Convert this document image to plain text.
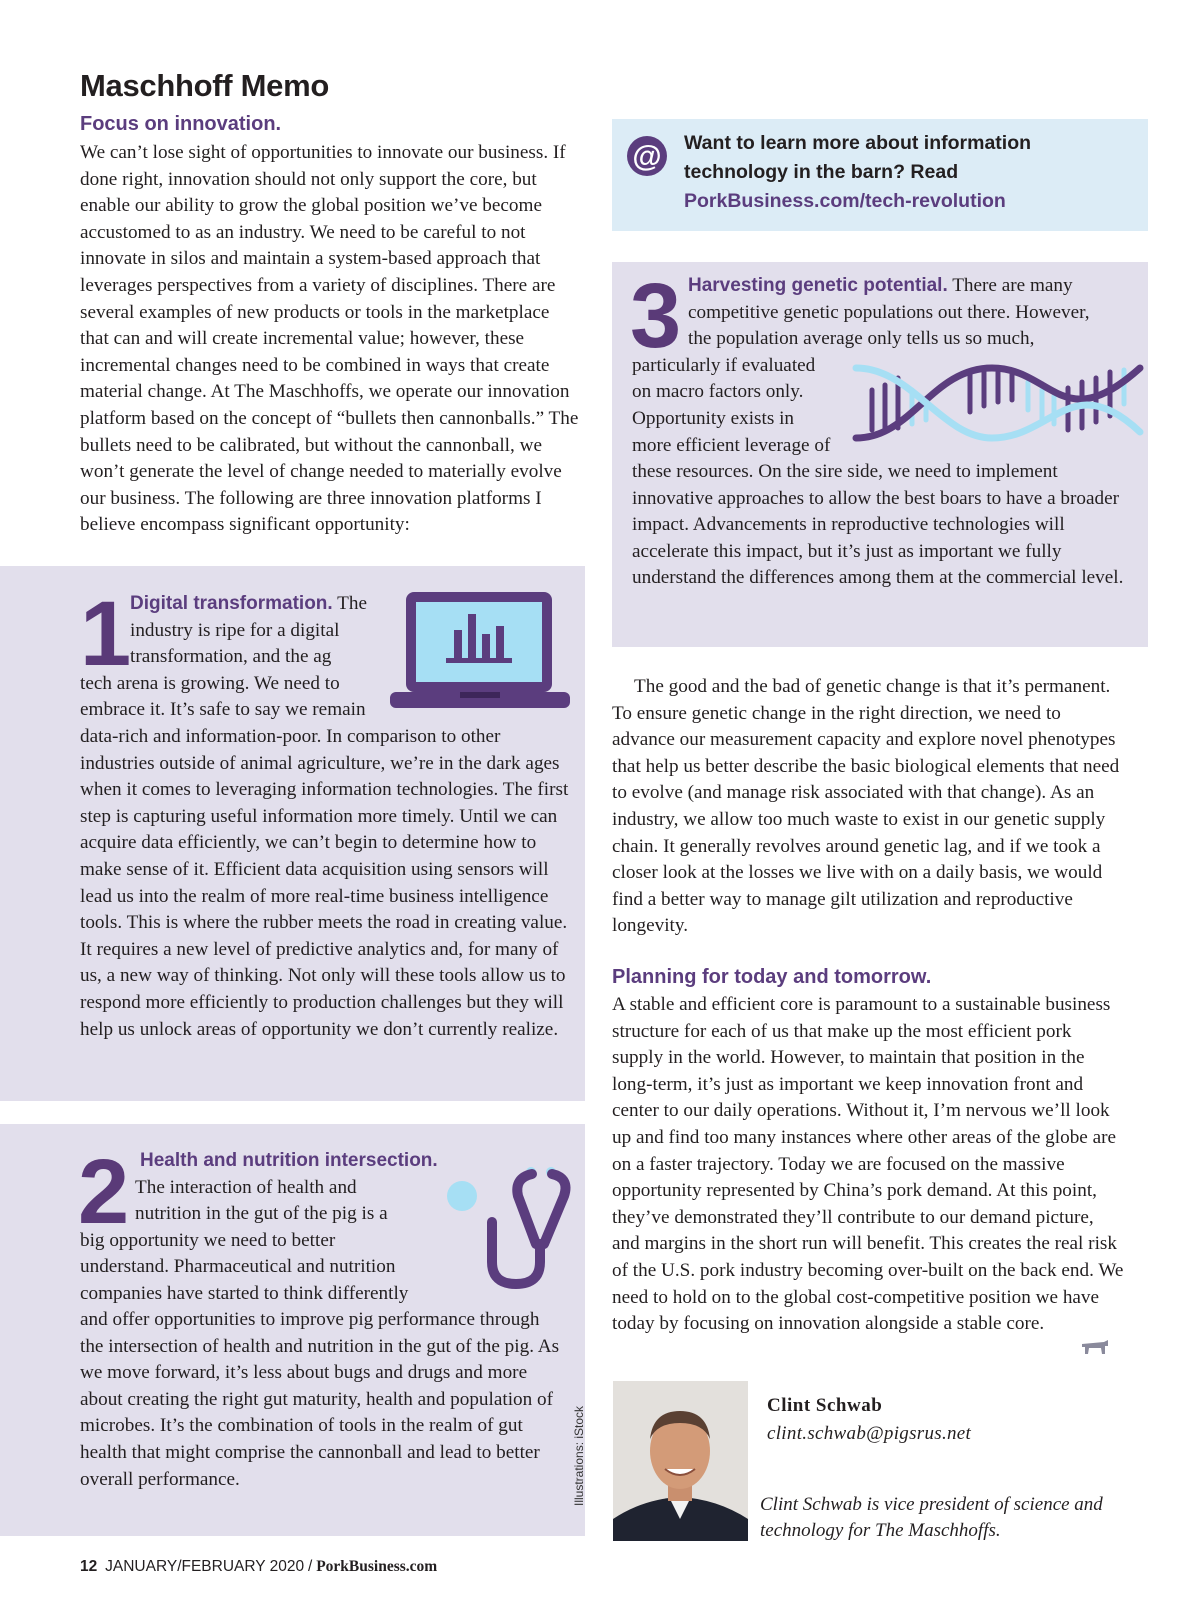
Maschhoff Memo
Focus on innovation.
We can’t lose sight of opportunities to innovate our business. If done right, innovation should not only support the core, but enable our ability to grow the global position we’ve become accustomed to as an industry. We need to be careful to not innovate in silos and maintain a system-based approach that leverages perspectives from a variety of disciplines. There are several examples of new products or tools in the marketplace that can and will create incremental value; however, these incremental changes need to be combined in ways that create material change. At The Maschhoffs, we operate our innovation platform based on the concept of “bullets then cannonballs.” The bullets need to be calibrated, but without the cannonball, we won’t generate the level of change needed to materially evolve our business. The following are three innovation platforms I believe encompass significant opportunity:
@ Want to learn more about information
technology in the barn? Read
PorkBusiness.com/tech-revolution
3 Harvesting genetic potential. There are many
competitive genetic populations out there. However,
the population average only tells us so much,
particularly if evaluated
on macro factors only.
Opportunity exists in
more efficient leverage of
these resources. On the sire side, we need to implement innovative approaches to allow the best boars to have a broader impact. Advancements in reproductive technologies will accelerate this impact, but it’s just as important we fully understand the differences among them at the commercial level.
The good and the bad of genetic change is that it’s permanent. To ensure genetic change in the right direction, we need to advance our measurement capacity and explore novel phenotypes that help us better describe the basic biological elements that need to evolve (and manage risk associated with that change). As an industry, we allow too much waste to exist in our genetic supply chain. It generally revolves around genetic lag, and if we took a closer look at the losses we live with on a daily basis, we would find a better way to manage gilt utilization and reproductive longevity.
Planning for today and tomorrow.
A stable and efficient core is paramount to a sustainable business structure for each of us that make up the most efficient pork supply in the world. However, to maintain that position in the long-term, it’s just as important we keep innovation front and center to our daily operations. Without it, I’m nervous we’ll look up and find too many instances where other areas of the globe are on a faster trajectory. Today we are focused on the massive opportunity represented by China’s pork demand. At this point, they’ve demonstrated they’ll contribute to our demand picture, and margins in the short run will benefit. This creates the real risk of the U.S. pork industry becoming over-built on the back end. We need to hold on to the global cost-competitive position we have today by focusing on innovation alongside a stable core.
1
Digital transformation. The
industry is ripe for a digital
transformation, and the ag
tech arena is growing. We need to
embrace it. It’s safe to say we remain
data-rich and information-poor. In comparison to other industries outside of animal agriculture, we’re in the dark ages when it comes to leveraging information technologies. The first step is capturing useful information more timely. Until we can acquire data efficiently, we can’t begin to determine how to make sense of it. Efficient data acquisition using sensors will lead us into the realm of more real-time business intelligence tools. This is where the rubber meets the road in creating value. It requires a new level of predictive analytics and, for many of us, a new way of thinking. Not only will these tools allow us to respond more efficiently to production challenges but they will help us unlock areas of opportunity we don’t currently realize.
2 Health and nutrition intersection.
The interaction of health and
nutrition in the gut of the pig is a
big opportunity we need to better
understand. Pharmaceutical and nutrition
companies have started to think differently
and offer opportunities to improve pig performance through the intersection of health and nutrition in the gut of the pig. As we move forward, it’s less about bugs and drugs and more about creating the right gut maturity, health and population of microbes. It’s the combination of tools in the realm of gut health that might comprise the cannonball and lead to better overall performance.	Illustrations: iStock
Clint Schwab
clint.schwab@pigsrus.net
Clint Schwab is vice president of science and technology for The Maschhoffs.
12 JANUARY/FEBRUARY 2020 / PorkBusiness.com
